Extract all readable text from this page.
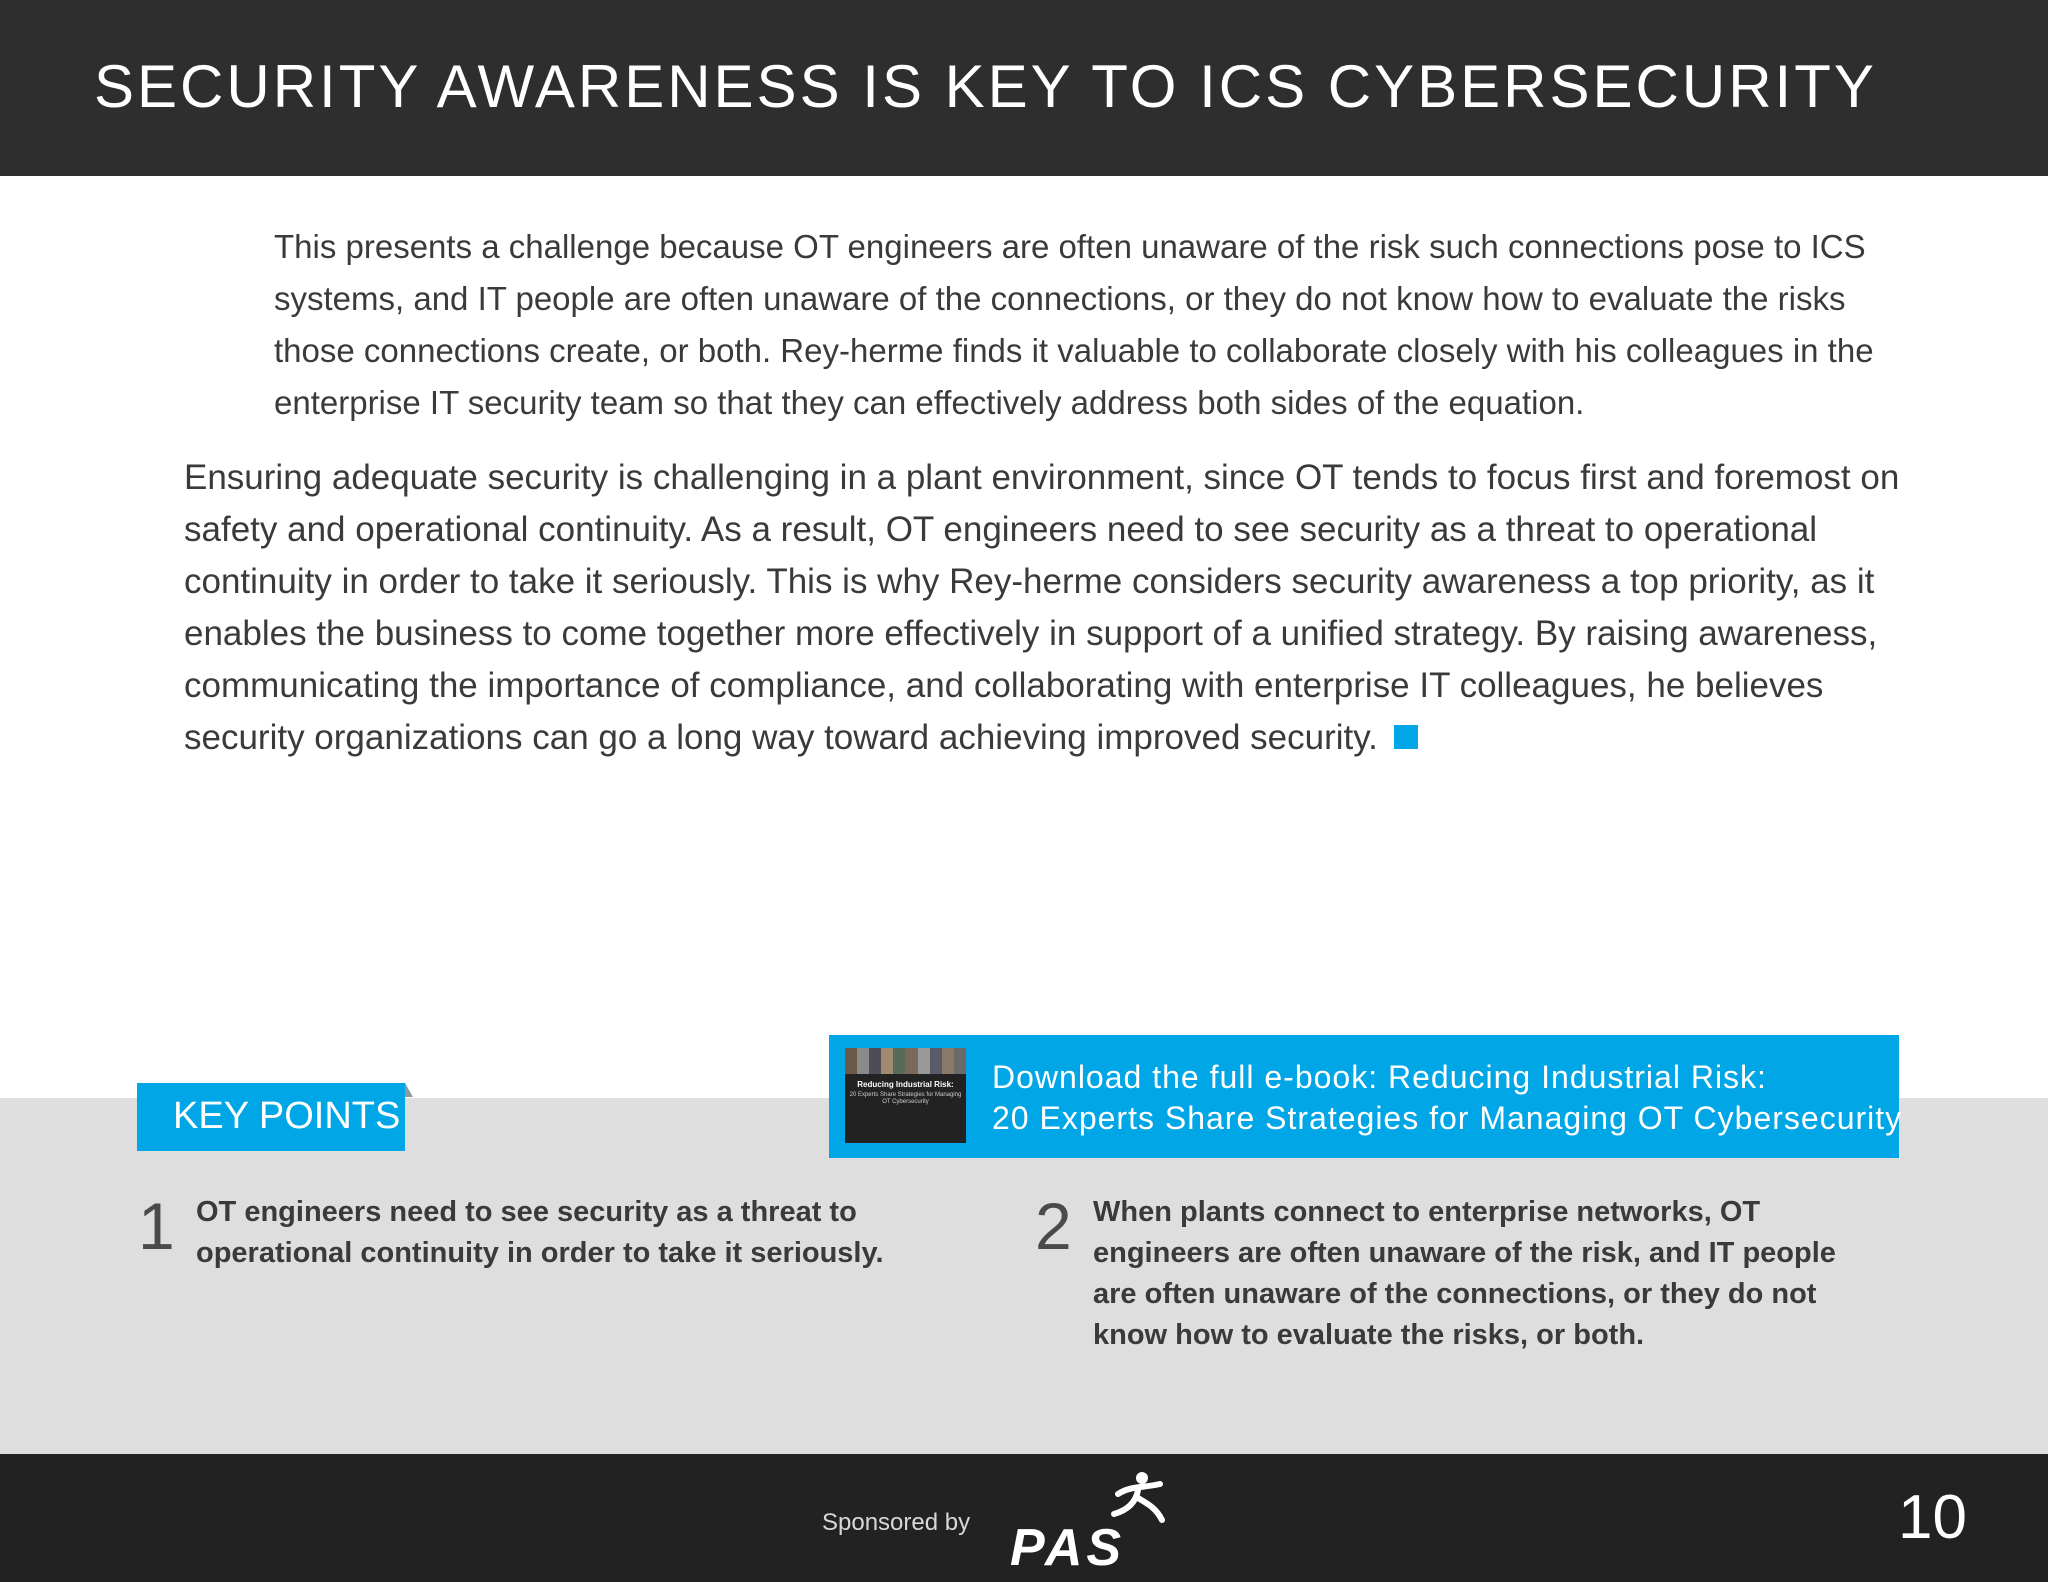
SECURITY AWARENESS IS KEY TO ICS CYBERSECURITY
This presents a challenge because OT engineers are often unaware of the risk such connections pose to ICS systems, and IT people are often unaware of the connections, or they do not know how to evaluate the risks those connections create, or both. Rey-herme finds it valuable to collaborate closely with his colleagues in the enterprise IT security team so that they can effectively address both sides of the equation.
Ensuring adequate security is challenging in a plant environment, since OT tends to focus first and foremost on safety and operational continuity. As a result, OT engineers need to see security as a threat to operational continuity in order to take it seriously. This is why Rey-herme considers security awareness a top priority, as it enables the business to come together more effectively in support of a unified strategy. By raising awareness, communicating the importance of compliance, and collaborating with enterprise IT colleagues, he believes security organizations can go a long way toward achieving improved security.
KEY POINTS
Reducing Industrial Risk:
20 Experts Share Strategies for Managing OT Cybersecurity
Download the full e-book: Reducing Industrial Risk:
20 Experts Share Strategies for Managing OT Cybersecurity
1 OT engineers need to see security as a threat to operational continuity in order to take it seriously.	2 When plants connect to enterprise networks, OT engineers are often unaware of the risk, and IT people are often unaware of the connections, or they do not know how to evaluate the risks, or both.
Sponsored by PAS	10
